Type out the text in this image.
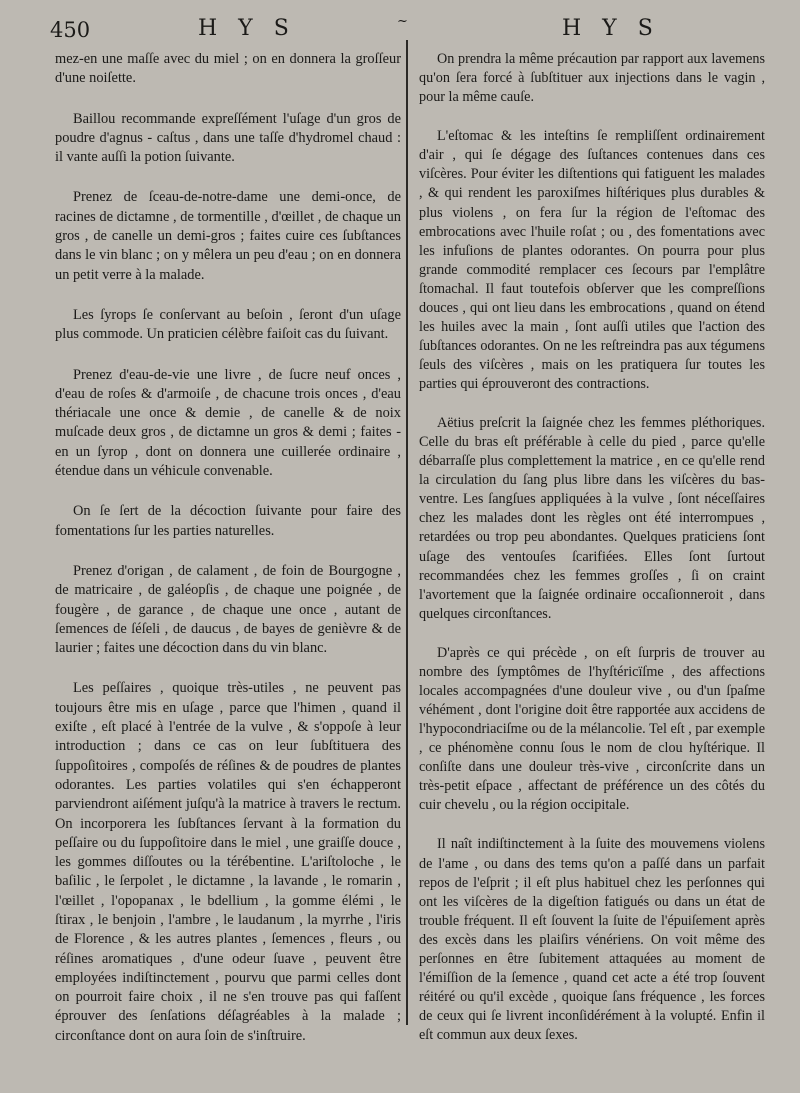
450	H Y S	~	H Y S

mez-en une maſſe avec du miel ; on en donnera la groſſeur d'une noiſette.

Baillou recommande expreſſément l'uſage d'un gros de poudre d'agnus - caſtus , dans une taſſe d'hydromel chaud : il vante auſſi la potion ſuivante.

Prenez de ſceau-de-notre-dame une demi-once, de racines de dictamne , de tormentille , d'œillet , de chaque un gros , de canelle un demi-gros ; faites cuire ces ſubſtances dans le vin blanc ; on y mêlera un peu d'eau ; on en donnera un petit verre à la malade.

Les ſyrops ſe conſervant au beſoin , ſeront d'un uſage plus commode. Un praticien célèbre faiſoit cas du ſuivant.

Prenez d'eau-de-vie une livre , de ſucre neuf onces , d'eau de roſes & d'armoiſe , de chacune trois onces , d'eau thériacale une once & demie , de canelle & de noix muſcade deux gros , de dictamne un gros & demi ; faites - en un ſyrop , dont on donnera une cuillerée ordinaire , étendue dans un véhicule convenable.

On ſe ſert de la décoction ſuivante pour faire des fomentations ſur les parties naturelles.

Prenez d'origan , de calament , de foin de Bourgogne , de matricaire , de galéopſis , de chaque une poignée , de fougère , de garance , de chaque une once , autant de ſemences de ſéſeli , de daucus , de bayes de genièvre & de laurier ; faites une décoction dans du vin blanc.

Les peſſaires , quoique très-utiles , ne peuvent pas toujours être mis en uſage , parce que l'himen , quand il exiſte , eſt placé à l'entrée de la vulve , & s'oppoſe à leur introduction ; dans ce cas on leur ſubſtituera des ſuppoſitoires , compoſés de réſines & de poudres de plantes odorantes. Les parties volatiles qui s'en échapperont parviendront aiſément juſqu'à la matrice à travers le rectum. On incorporera les ſubſtances ſervant à la formation du peſſaire ou du ſuppoſitoire dans le miel , une graiſſe douce , les gommes diſſoutes ou la térébentine. L'ariſtoloche , le baſilic , le ſerpolet , le dictamne , la lavande , le romarin , l'œillet , l'opopanax , le bdellium , la gomme élémi , le ſtirax , le benjoin , l'ambre , le laudanum , la myrrhe , l'iris de Florence , & les autres plantes , ſemences , fleurs , ou réſines aromatiques , d'une odeur ſuave , peuvent être employées indiſtinctement , pourvu que parmi celles dont on pourroit faire choix , il ne s'en trouve pas qui faſſent éprouver des ſenſations déſagréables à la malade ; circonſtance dont on aura ſoin de s'inſtruire.

On prendra la même précaution par rapport aux lavemens qu'on ſera forcé à ſubſtituer aux injections dans le vagin , pour la même cauſe.

L'eſtomac & les inteſtins ſe rempliſſent ordinairement d'air , qui ſe dégage des ſuſtances contenues dans ces viſcères. Pour éviter les diſtentions qui fatiguent les malades , & qui rendent les paroxiſmes hiſtériques plus durables & plus violens , on fera ſur la région de l'eſtomac des embrocations avec l'huile roſat ; ou , des fomentations avec les infuſions de plantes odorantes. On pourra pour plus grande commodité remplacer ces ſecours par l'emplâtre ſtomachal. Il faut toutefois obſerver que les compreſſions douces , qui ont lieu dans les embrocations , quand on étend les huiles avec la main , ſont auſſi utiles que l'action des ſubſtances odorantes. On ne les reſtreindra pas aux tégumens ſeuls des viſcères , mais on les pratiquera ſur toutes les parties qui éprouveront des contractions.

Aëtius preſcrit la ſaignée chez les femmes pléthoriques. Celle du bras eſt préférable à celle du pied , parce qu'elle débarraſſe plus complettement la matrice , en ce qu'elle rend la circulation du ſang plus libre dans les viſcères du bas-ventre. Les ſangſues appliquées à la vulve , ſont néceſſaires chez les malades dont les règles ont été interrompues , retardées ou trop peu abondantes. Quelques praticiens ſont uſage des ventouſes ſcarifiées. Elles ſont ſurtout recommandées chez les femmes groſſes , ſi on craint l'avortement que la ſaignée ordinaire occaſionneroit , dans quelques circonſtances.

D'après ce qui précède , on eſt ſurpris de trouver au nombre des ſymptômes de l'hyſtéricïſme , des affections locales accompagnées d'une douleur vive , ou d'un ſpaſme véhément , dont l'origine doit être rapportée aux accidens de l'hypocondriaciſme ou de la mélancolie. Tel eſt , par exemple , ce phénomène connu ſous le nom de clou hyſtérique. Il conſiſte dans une douleur très-vive , circonſcrite dans un très-petit eſpace , affectant de préférence un des côtés du cuir chevelu , ou la région occipitale.

Il naît indiſtinctement à la ſuite des mouvemens violens de l'ame , ou dans des tems qu'on a paſſé dans un parfait repos de l'eſprit ; il eſt plus habituel chez les perſonnes qui ont les viſcères de la digeſtion fatigués ou dans un état de trouble fréquent. Il eſt ſouvent la ſuite de l'épuiſement après des excès dans les plaiſirs vénériens. On voit même des perſonnes en être ſubitement attaquées au moment de l'émiſſion de la ſemence , quand cet acte a été trop ſouvent réitéré ou qu'il excède , quoique ſans fréquence , les forces de ceux qui ſe livrent inconſidérément à la volupté. Enfin il eſt commun aux deux ſexes.
